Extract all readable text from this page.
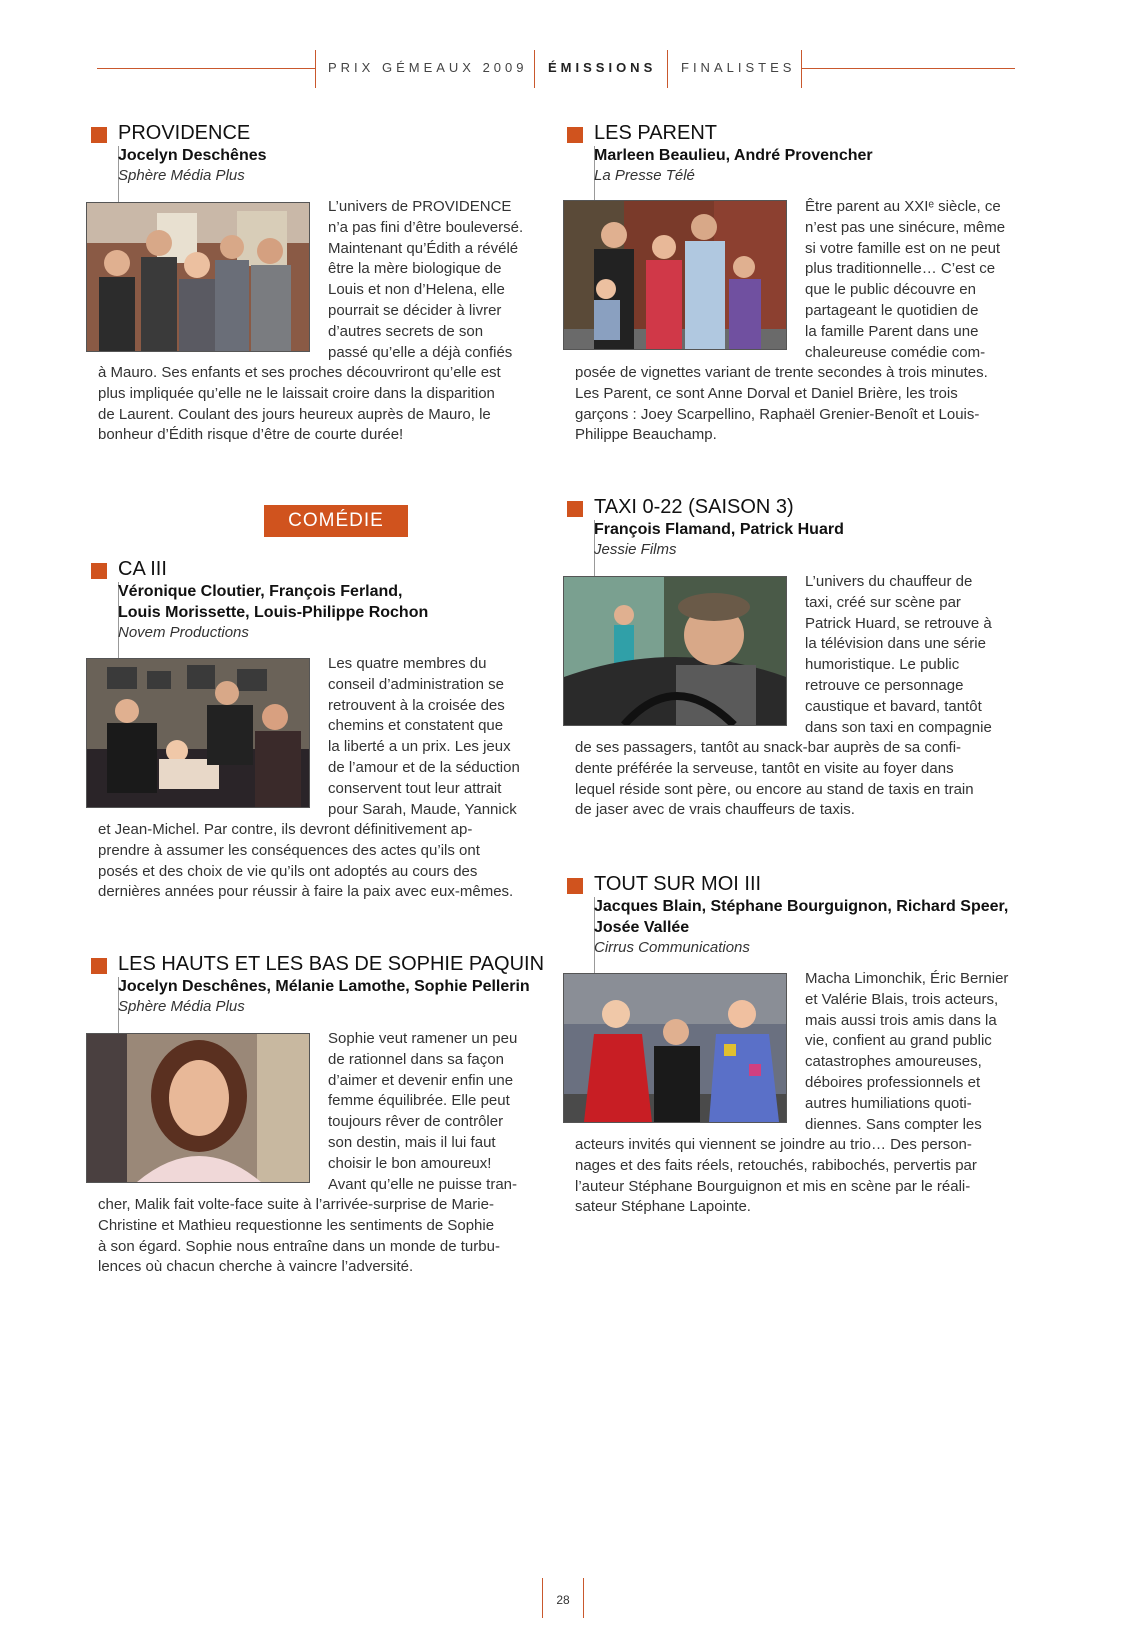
PRIX GÉMEAUX 2009 ÉMISSIONS FINALISTES
PROVIDENCE
Jocelyn Deschênes
Sphère Média Plus

L’univers de PROVIDENCE

n’a pas fini d’être bouleversé.

Maintenant qu’Édith a révélé

être la mère biologique de

Louis et non d’Helena, elle

pourrait se décider à livrer

d’autres secrets de son

passé qu’elle a déjà confiés

à Mauro. Ses enfants et ses proches découvriront qu’elle est

plus impliquée qu’elle ne le laissait croire dans la disparition

de Laurent. Coulant des jours heureux auprès de Mauro, le

bonheur d’Édith risque d’être de courte durée!

LES PARENT
Marleen Beaulieu, André Provencher
La Presse Télé

Être parent au XXIᵉ siècle, ce

n’est pas une sinécure, même

si votre famille est on ne peut

plus traditionnelle… C’est ce

que le public découvre en

partageant le quotidien de

la famille Parent dans une

chaleureuse comédie com-

posée de vignettes variant de trente secondes à trois minutes.

Les Parent, ce sont Anne Dorval et Daniel Brière, les trois

garçons : Joey Scarpellino, Raphaël Grenier-Benoît et Louis-

Philippe Beauchamp.

COMÉDIE
CA III
Véronique Cloutier, François Ferland,
Louis Morissette, Louis-Philippe Rochon
Novem Productions

Les quatre membres du

conseil d’administration se

retrouvent à la croisée des

chemins et constatent que

la liberté a un prix. Les jeux

de l’amour et de la séduction

conservent tout leur attrait

pour Sarah, Maude, Yannick

et Jean-Michel. Par contre, ils devront définitivement ap-

prendre à assumer les conséquences des actes qu’ils ont

posés et des choix de vie qu’ils ont adoptés au cours des

dernières années pour réussir à faire la paix avec eux-mêmes.

TAXI 0-22 (SAISON 3)
François Flamand, Patrick Huard
Jessie Films

L’univers du chauffeur de

taxi, créé sur scène par

Patrick Huard, se retrouve à

la télévision dans une série

humoristique. Le public

retrouve ce personnage

caustique et bavard, tantôt

dans son taxi en compagnie

de ses passagers, tantôt au snack-bar auprès de sa confi-

dente préférée la serveuse, tantôt en visite au foyer dans

lequel réside sont père, ou encore au stand de taxis en train

de jaser avec de vrais chauffeurs de taxis.

TOUT SUR MOI III
Jacques Blain, Stéphane Bourguignon, Richard Speer,
Josée Vallée
Cirrus Communications

Macha Limonchik, Éric Bernier

et Valérie Blais, trois acteurs,

mais aussi trois amis dans la

vie, confient au grand public

catastrophes amoureuses,

déboires professionnels et

autres humiliations quoti-

diennes. Sans compter les

acteurs invités qui viennent se joindre au trio… Des person-

nages et des faits réels, retouchés, rabibochés, pervertis par

l’auteur Stéphane Bourguignon et mis en scène par le réali-

sateur Stéphane Lapointe.

LES HAUTS ET LES BAS DE SOPHIE PAQUIN
Jocelyn Deschênes, Mélanie Lamothe, Sophie Pellerin
Sphère Média Plus

Sophie veut ramener un peu

de rationnel dans sa façon

d’aimer et devenir enfin une

femme équilibrée. Elle peut

toujours rêver de contrôler

son destin, mais il lui faut

choisir le bon amoureux!

Avant qu’elle ne puisse tran-

cher, Malik fait volte-face suite à l’arrivée-surprise de Marie-

Christine et Mathieu requestionne les sentiments de Sophie

à son égard. Sophie nous entraîne dans un monde de turbu-

lences où chacun cherche à vaincre l’adversité.

28
